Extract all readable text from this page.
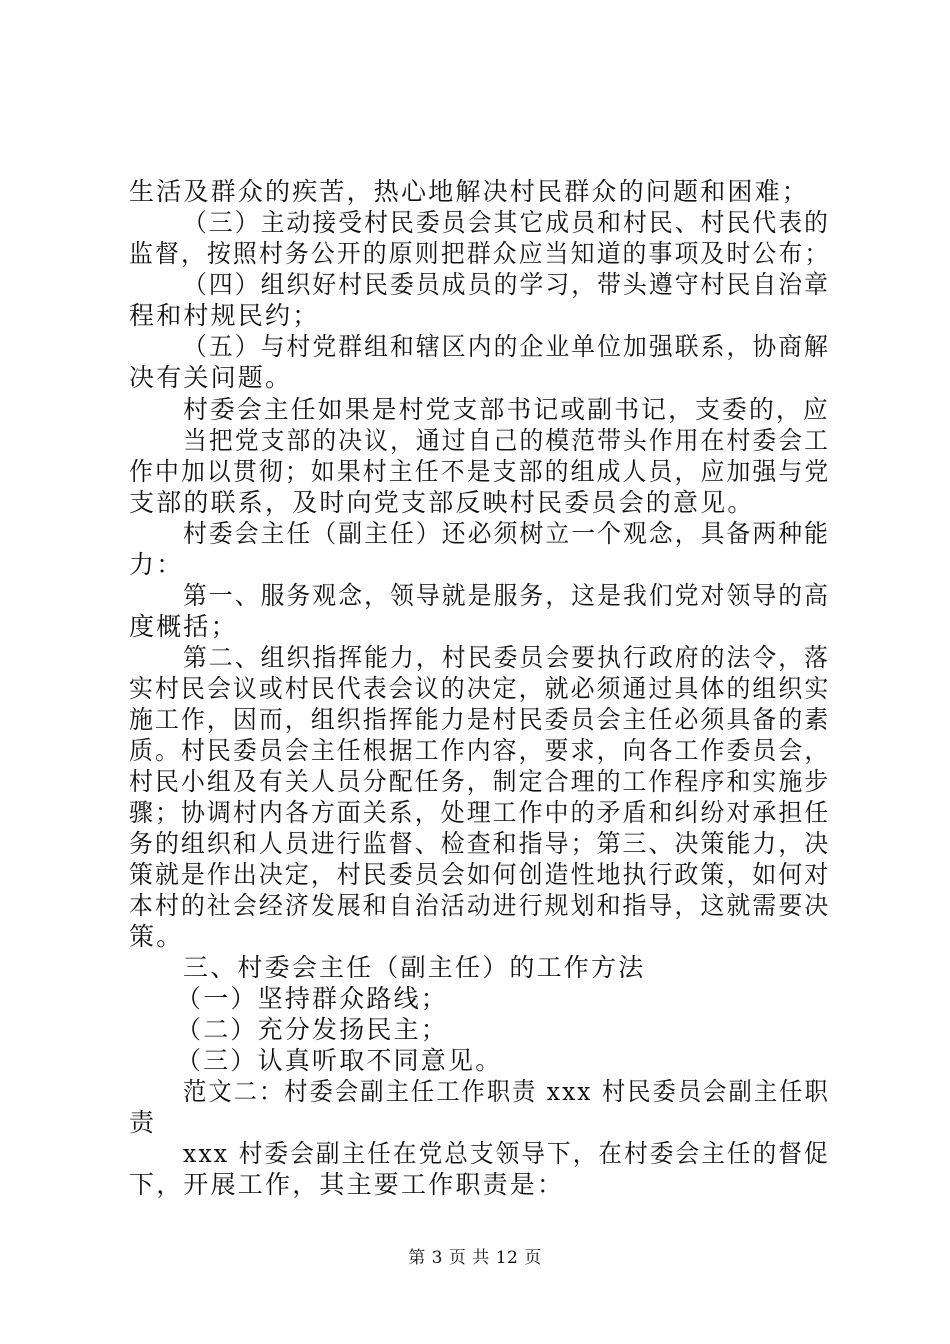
生活及群众的疾苦，热心地解决村民群众的问题和困难；
（三）主动接受村民委员会其它成员和村民、村民代表的
监督，按照村务公开的原则把群众应当知道的事项及时公布；
（四）组织好村民委员成员的学习，带头遵守村民自治章
程和村规民约；
（五）与村党群组和辖区内的企业单位加强联系，协商解
决有关问题。
村委会主任如果是村党支部书记或副书记，支委的，应
当把党支部的决议，通过自己的模范带头作用在村委会工
作中加以贯彻；如果村主任不是支部的组成人员，应加强与党
支部的联系，及时向党支部反映村民委员会的意见。
村委会主任（副主任）还必须树立一个观念，具备两种能
力：
第一、服务观念，领导就是服务，这是我们党对领导的高
度概括；
第二、组织指挥能力，村民委员会要执行政府的法令，落
实村民会议或村民代表会议的决定，就必须通过具体的组织实
施工作，因而，组织指挥能力是村民委员会主任必须具备的素
质。村民委员会主任根据工作内容，要求，向各工作委员会，
村民小组及有关人员分配任务，制定合理的工作程序和实施步
骤；协调村内各方面关系，处理工作中的矛盾和纠纷对承担任
务的组织和人员进行监督、检查和指导；第三、决策能力，决
策就是作出决定，村民委员会如何创造性地执行政策，如何对
本村的社会经济发展和自治活动进行规划和指导，这就需要决
策。
三、村委会主任（副主任）的工作方法
（一）坚持群众路线；
（二）充分发扬民主；
（三）认真听取不同意见。
范文二：村委会副主任工作职责 xxx 村民委员会副主任职
责
xxx 村委会副主任在党总支领导下，在村委会主任的督促
下，开展工作，其主要工作职责是：
第 3 页 共 12 页
